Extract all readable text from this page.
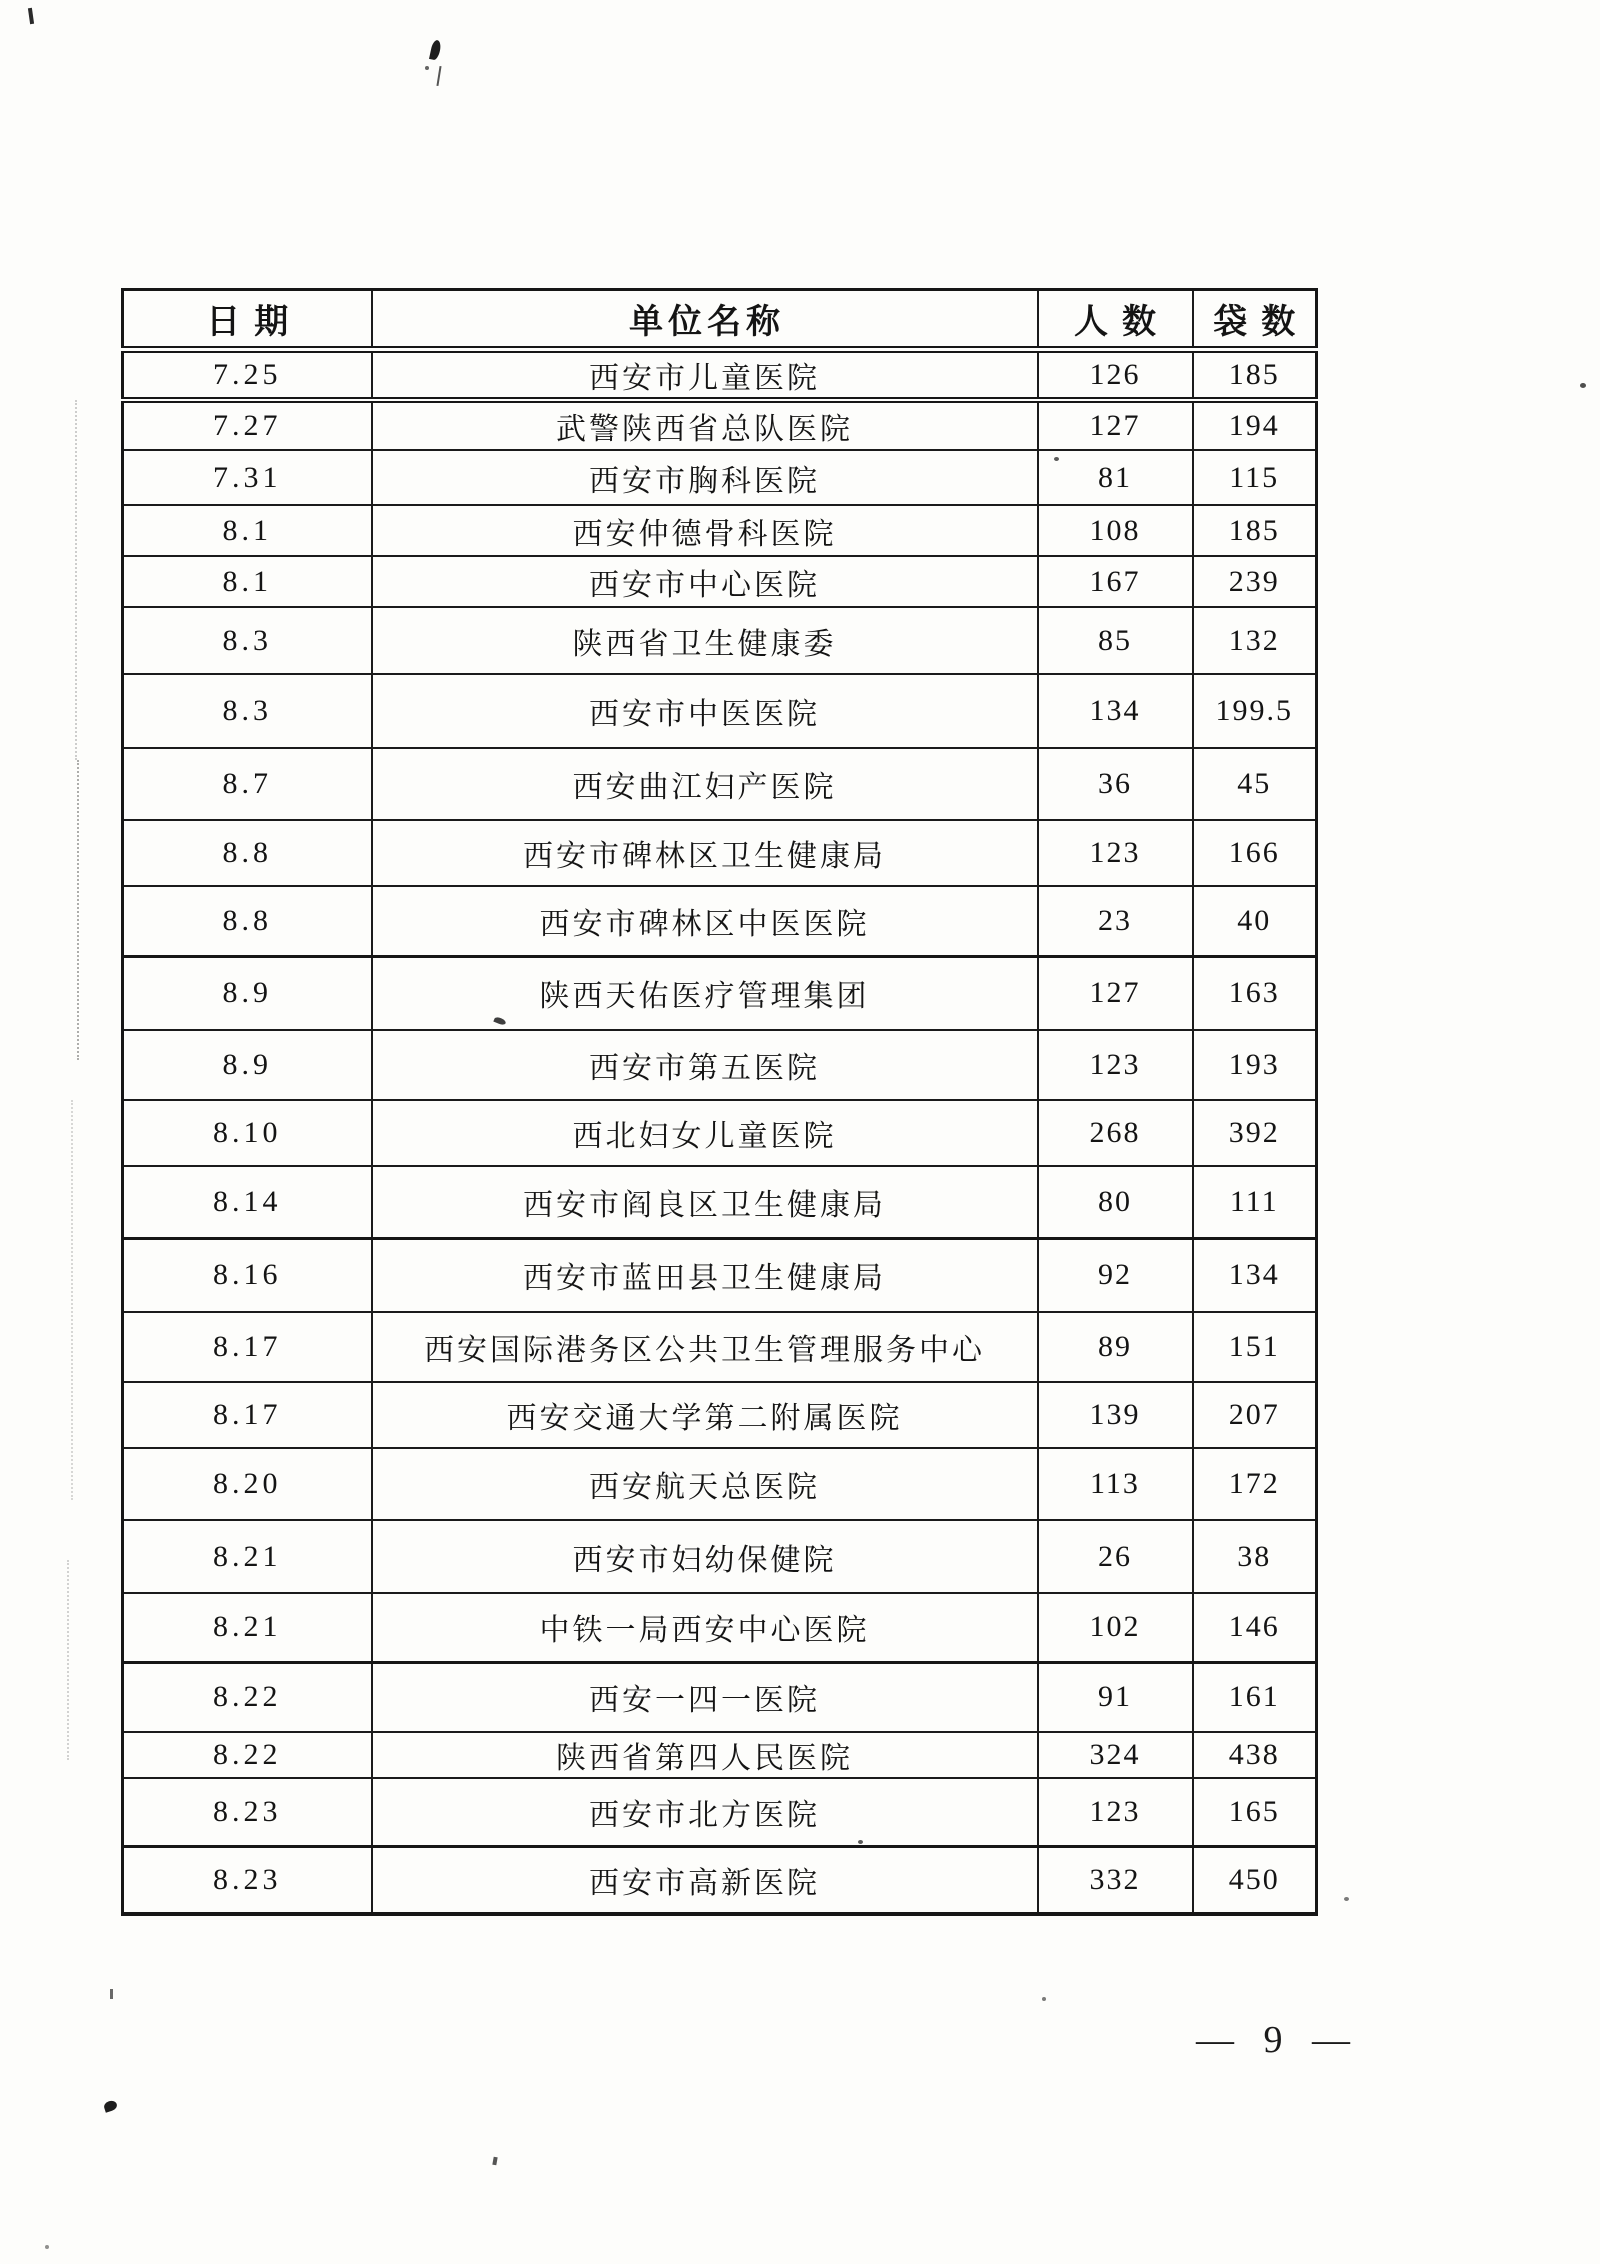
日期	单位名称	人数	袋数
7.25	西安市儿童医院	126	185
7.27	武警陕西省总队医院	127	194
7.31	西安市胸科医院	81	115
8.1	西安仲德骨科医院	108	185
8.1	西安市中心医院	167	239
8.3	陕西省卫生健康委	85	132
8.3	西安市中医医院	134	199.5
8.7	西安曲江妇产医院	36	45
8.8	西安市碑林区卫生健康局	123	166
8.8	西安市碑林区中医医院	23	40
8.9	陕西天佑医疗管理集团	127	163
8.9	西安市第五医院	123	193
8.10	西北妇女儿童医院	268	392
8.14	西安市阎良区卫生健康局	80	111
8.16	西安市蓝田县卫生健康局	92	134
8.17	西安国际港务区公共卫生管理服务中心	89	151
8.17	西安交通大学第二附属医院	139	207
8.20	西安航天总医院	113	172
8.21	西安市妇幼保健院	26	38
8.21	中铁一局西安中心医院	102	146
8.22	西安一四一医院	91	161
8.22	陕西省第四人民医院	324	438
8.23	西安市北方医院	123	165
8.23	西安市高新医院	332	450
— 9 —
